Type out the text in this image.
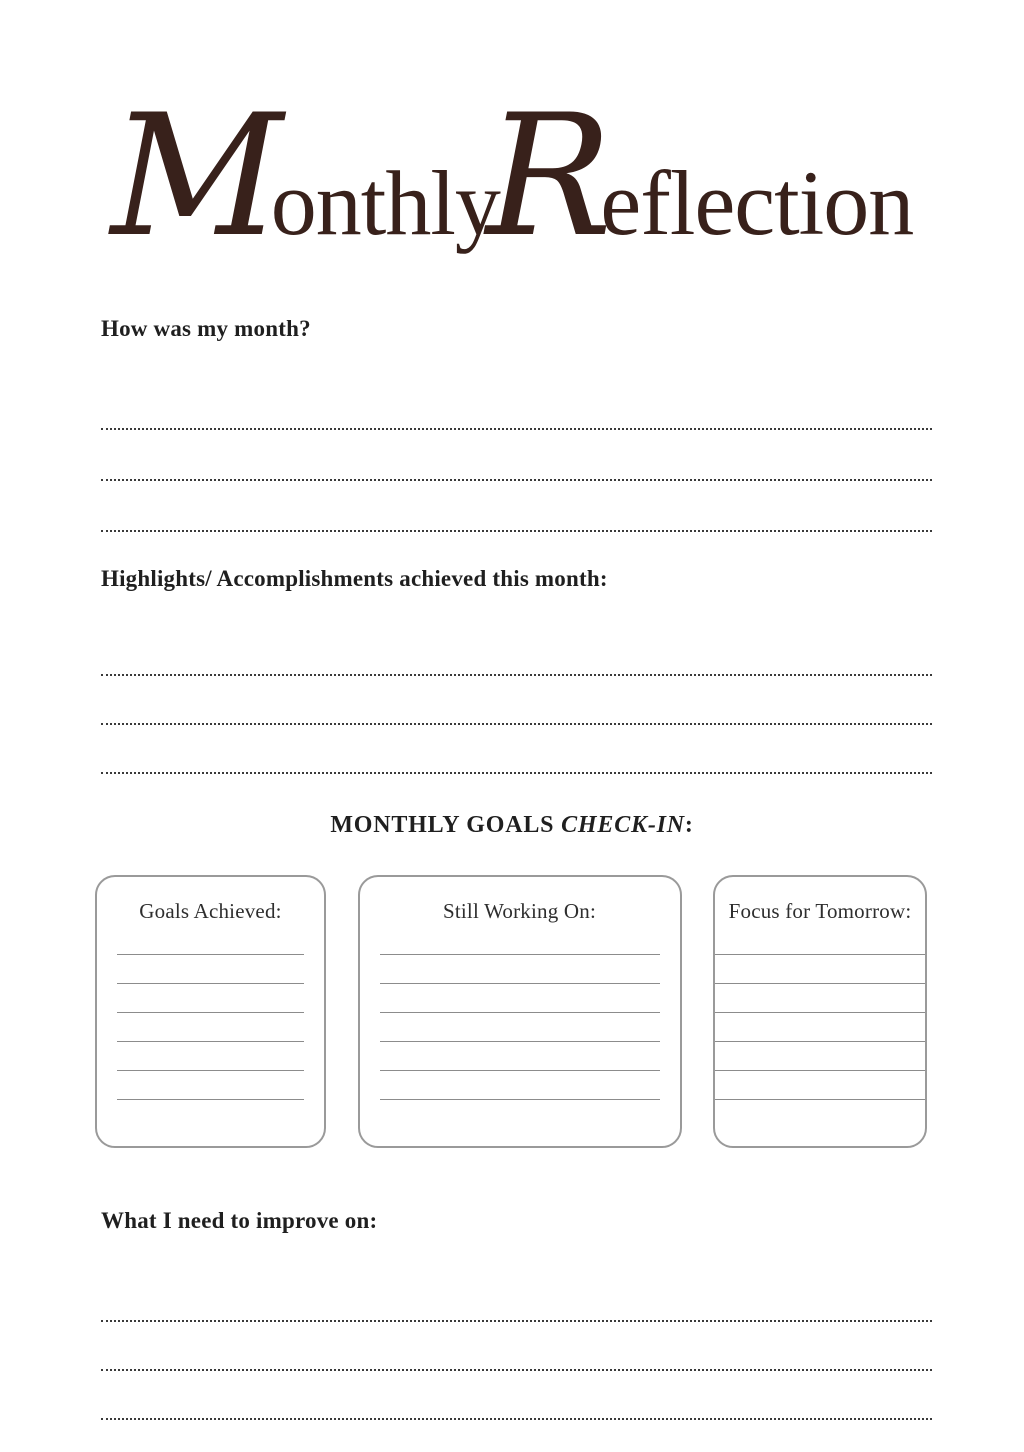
M
onthly
R
eflection
How was my month?
Highlights/ Accomplishments achieved this month:
MONTHLY GOALS CHECK-IN:
Goals Achieved:	Still Working On:	Focus for Tomorrow:
What I need to improve on:
